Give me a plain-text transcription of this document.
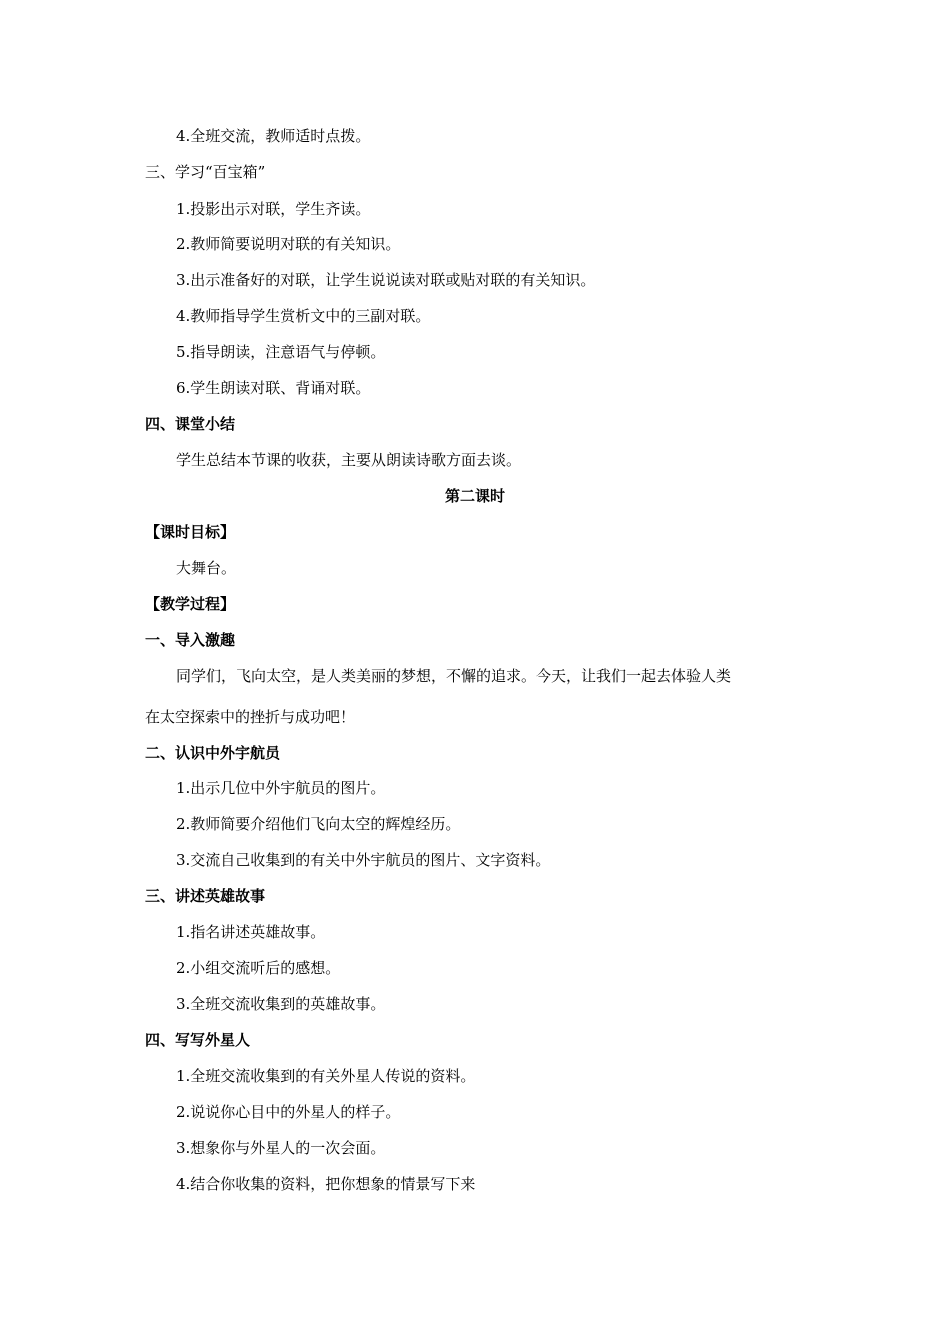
4.全班交流，教师适时点拨。
三、学习“百宝箱”
1.投影出示对联，学生齐读。
2.教师简要说明对联的有关知识。
3.出示准备好的对联，让学生说说读对联或贴对联的有关知识。
4.教师指导学生赏析文中的三副对联。
5.指导朗读，注意语气与停顿。
6.学生朗读对联、背诵对联。
四、课堂小结
学生总结本节课的收获，主要从朗读诗歌方面去谈。
第二课时
【课时目标】
大舞台。
【教学过程】
一、导入激趣
同学们，飞向太空，是人类美丽的梦想，不懈的追求。今天，让我们一起去体验人类
在太空探索中的挫折与成功吧！
二、认识中外宇航员
1.出示几位中外宇航员的图片。
2.教师简要介绍他们飞向太空的辉煌经历。
3.交流自己收集到的有关中外宇航员的图片、文字资料。
三、讲述英雄故事
1.指名讲述英雄故事。
2.小组交流听后的感想。
3.全班交流收集到的英雄故事。
四、写写外星人
1.全班交流收集到的有关外星人传说的资料。
2.说说你心目中的外星人的样子。
3.想象你与外星人的一次会面。
4.结合你收集的资料，把你想象的情景写下来
